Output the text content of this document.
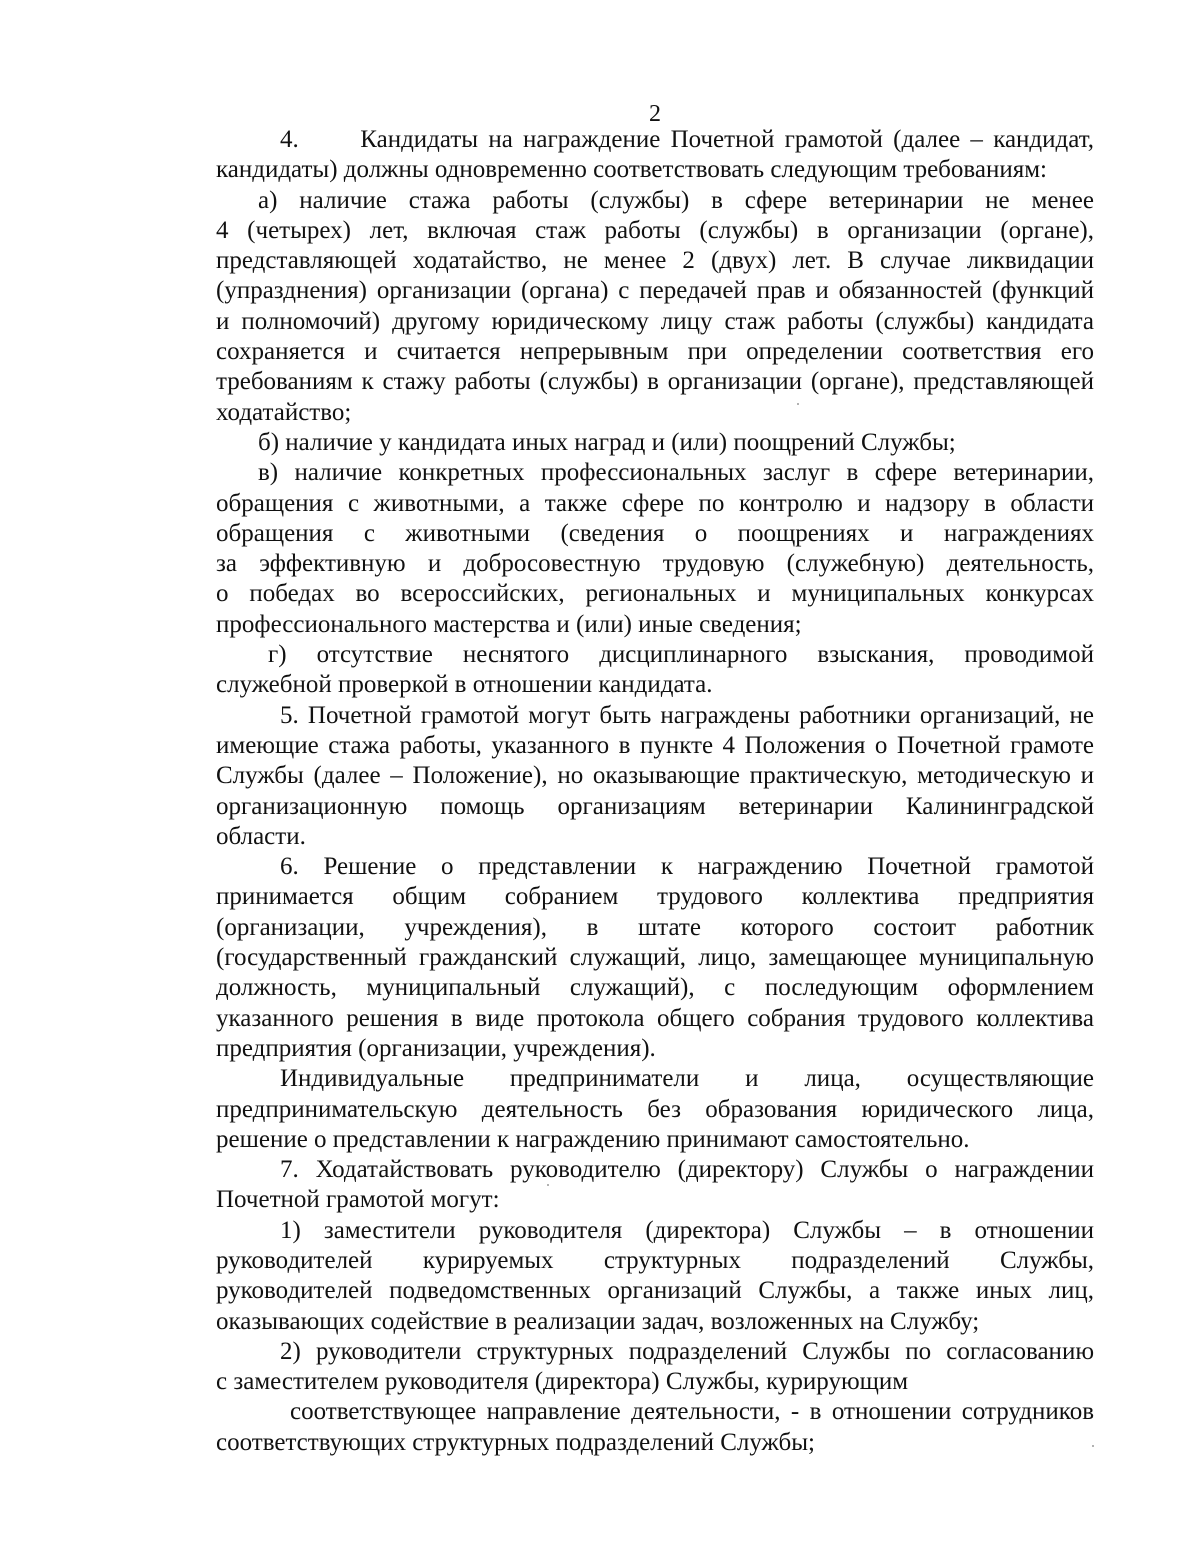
2

4.      Кандидаты на награждение Почетной грамотой (далее – кандидат,
кандидаты) должны одновременно соответствовать следующим требованиям:

а) наличие стажа работы (службы) в сфере ветеринарии не менее
4 (четырех) лет, включая стаж работы (службы) в организации (органе),
представляющей ходатайство, не менее 2 (двух) лет. В случае ликвидации
(упразднения) организации (органа) с передачей прав и обязанностей (функций
и полномочий) другому юридическому лицу стаж работы (службы) кандидата
сохраняется и считается непрерывным при определении соответствия его
требованиям к стажу работы (службы) в организации (органе), представляющей
ходатайство;

б) наличие у кандидата иных наград и (или) поощрений Службы;

в) наличие конкретных профессиональных заслуг в сфере ветеринарии,
обращения с животными, а также сфере по контролю и надзору в области
обращения с животными (сведения о поощрениях и награждениях
за эффективную и добросовестную трудовую (служебную) деятельность,
о победах во всероссийских, региональных и муниципальных конкурсах
профессионального мастерства и (или) иные сведения;

г) отсутствие неснятого дисциплинарного взыскания, проводимой
служебной проверкой в отношении кандидата.

5. Почетной грамотой могут быть награждены работники организаций, не
имеющие стажа работы, указанного в пункте 4 Положения о Почетной грамоте
Службы (далее – Положение), но оказывающие практическую, методическую и
организационную помощь организациям ветеринарии Калининградской
области.

6. Решение о представлении к награждению Почетной грамотой
принимается общим собранием трудового коллектива предприятия
(организации, учреждения), в штате которого состоит работник
(государственный гражданский служащий, лицо, замещающее муниципальную
должность, муниципальный служащий), с последующим оформлением
указанного решения в виде протокола общего собрания трудового коллектива
предприятия (организации, учреждения).

Индивидуальные предприниматели и лица, осуществляющие
предпринимательскую деятельность без образования юридического лица,
решение о представлении к награждению принимают самостоятельно.

7. Ходатайствовать руководителю (директору) Службы о награждении
Почетной грамотой могут:

1) заместители руководителя (директора) Службы – в отношении
руководителей курируемых структурных подразделений Службы,
руководителей подведомственных организаций Службы, а также иных лиц,
оказывающих содействие в реализации задач, возложенных на Службу;

2) руководители структурных подразделений Службы по согласованию
с заместителем руководителя (директора) Службы, курирующим

соответствующее направление деятельности, - в отношении сотрудников
соответствующих структурных подразделений Службы;
